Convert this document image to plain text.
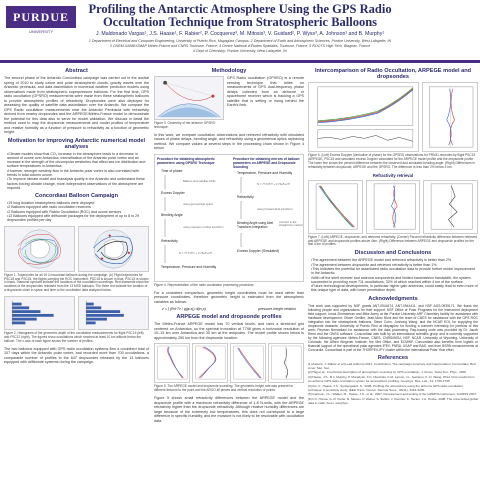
PURDUE
UNIVERSITY
Profiling the Antarctic Atmosphere Using the GPS Radio Occultation Technique from Stratospheric Balloons
J. Maldonado Vargas¹, J.S. Haase¹, F. Rabier², P. Cocquerez³, M. Mitosis³, V. Guidard², P. Wyss³, A. Johnson¹ and B. Murphy¹
1 Department of Electrical and Computer Engineering, University of Puerto Rico, Mayagüez Campus; 2 Department of Earth and Atmospheric Sciences, Purdue University, West Lafayette, IN
3 CNRM-GAME/GMAP Météo-France and CNRS Toulouse, France; 4 Centre National d'Études Spatiales, Toulouse, France; 5 ROOTS High Tech, Blagnac, France
6 Dept of Chemistry; Purdue University, West Lafayette, IN
Abstract
The second phase of the Antarctic Concordiasi campaign was carried out in the austral spring of 2010 to study ozone and polar stratospheric clouds, gravity waves over the Antarctic peninsula, and data assimilation in numerical weather prediction models using observations made from stratospheric superpressure balloons. For the first time, GPS radio occultation (GPSRO) measurements were made from these stratospheric balloons to provide atmospheric profiles of refractivity. Dropsondes were also deployed for assessing the quality of satellite data assimilation over the Antarctic. We compare the GPS Radio occultation measurements near the Antarctic Peninsula with refractivity derived from nearby dropsondes and the ARPEGE/Météo-France model to demonstrate the potential for this data also to serve for model validation. We discuss in detail the method used to map the dropsonde measurements and model profiles of temperature and relative humidity as a function of pressure to refractivity as a function of geometric height.
Motivation for improving Antarctic numerical model analyses
• Climate models show that CO₂ increase in the atmosphere leads to a decrease in amount of ozone over Antarctica, intensification of the Antarctic polar vortex and an increase in the strength of the circumpolar westerlies that affect sea ice distribution and surface temperatures in Antarctica.
• However, stronger westerly flow in the Antarctic polar vortex is also correlated with trends in total column ozone.
• To improve climate model and reanalysis quality in the Antarctic and understand these factors forcing climate change, more independent observations of the atmosphere are required.
Concordiasi Balloon Campaign
• 19 long duration stratospheric balloons were deployed
• 2 Balloons equipped with radio occultation receivers
• 2 Balloons equipped with Rakbo Occultation (ROC) and ozone sensors
• 13 Balloons equipped with driftsonde packages for the deployment of up to 8 to 29 dropsondes profiles per day
Figure 1. Trajectories for all 19 Concordiasi balloons during the campaign. (b) Flight trajectories for PSC18 and PSC15, the flights carrying the ROC instrument. PSC18 is shown in blue. PSC15 is shown in black. Diamond symbols indicate the locations of the occultation soundings. Red diamonds show the locations of the dropsondes released from the 13 MSD balloons. The three red indicate the location of a dropsonde close in space and time to the occultation data analyzed below.
Figure 2. Histograms of the geometric depth of the occultation measurements for flight PSC15 (left) and PSC12 (right). The figures show occultations which reached at least 10 km altitude below the balloon. The x-axis of each figure shows the number of profiles.
The two balloons equipped with GPS radio occultation systems flew a combined total of 107 days within the Antarctic polar vortex, and recorded more than 700 occultations, a comparable number of profiles to the 647 dropsondes released by the 13 balloons equipped with driftsonde systems during the campaign.
Methodology
Figure 3. Geometry of the airborne GPSRO technique.
GPS Radio occultation (GPSRO) is a remote sensing technique that relies on measurements of GPS dual-frequency phase delays collected from an airborne or spaceborne receiver which is tracking a GPS satellite that is setting or rising behind the Earth's limb.
In this work, we compare occultation observations and retrieved refractivity with simulated values of phase delays, bending angle, and refractivity using a geometrical optics raytracing method. We compare values at several steps in the processing chain shown in Figure 4 below.
Procedure for obtaining atmospheric parameters using GPSRO Technique
Procedure for obtaining mirrors of balloon parameters on ARPEGE and Dropsonde Sounding
Time of phase
Excess Doppler
Bending Angle
Refractivity
Temperature, Pressure and Humidity
Balloon and satellite orbits
using geometrical optics
using inversion of Abel transform
N = 77.6 P/T + 3.73e5 e/T²
Temperature, Pressure and Humidity
Refractivity
Bending Angle using Abel Transform Integration
Excess Doppler (Simulated)
N = 77.6 P/T + 3.73e5 e/T²
using forward Abel transform
Connect to the straight line method
Figure 4. Representation of the radio occultation processing procedure.
For a consistent comparison, geometric height coordinates must be used rather than pressure coordinates, therefore geometric height is estimated from the atmospheric variables as follows:
z = ∫ (Rd·Tv / g(φ,z)) d(ln p)	pressure-height relation
ARPEGE model and dropsonde profiles
The Météo-France ARPEGE model has 70 vertical levels, and uses a stretched grid centered on Antarctica, so the spectral truncation at T798 gives a horizontal resolution of 10–15 km over Antarctica and 30 km at the antipodes. The model profile shown below is approximately 250 km from the dropsonde location.
Figure 5. The ARPEGE model and dropsonde sounding. The geometric height rate was present for different descent to the point and the ARGO all pieces and vertical resolution of points.
Figure 5 shows small refractivity differences between the ARPEGE model and the dropsonde profile with a maximum refractivity difference of 1.8 N-units, with the ARPEGE refractivity higher than the dropsonde refractivity. Although relative humidity differences are large because of the extremely low temperatures, this does not correspond to a large difference in specific humidity, and the moisture is not likely to be resolvable with occultation data.
Intercomparison of Radio Occultation, ARPEGE model and dropsondes
Figure 6. (Left) Excess Doppler (derivative of phase) for the GPSRO observations for PRN31 recorded by flight PSC15 (ARPEGE, PSC15 and simulated excess Doppler calculated for the ARPEGE model profile and the dropsonde profile. The lower line shows the percent difference between the observed and simulated bending angle. (Right) Differences in refractivity between dropsonde, ARPEGE and the GPSRO. The difference is less than 2% below 5 km.
Refractivity retrieval
Figure 7. (Left) ARPEGE, dropsonde, and retrieved refractivity. (Center) Percent refractivity difference between retrieved and ARPEGE and dropsonde profiles above 4km. (Right) Difference between ARPEGE and dropsonde profiles for the first 4 km of profiles.
Discussion and Conclusions
• The agreement between the ARPEGE model and retrieved refractivity is better than 2%.
• The agreement between dropsonde and retrieved refractivity is better than 1%.
• This indicates the potential for assimilated radio occultation data to provide further model improvement in the Antarctic.
• With off the shelf receiver and antenna components and limited transmission bandwidth, the system succeeded in providing more 711 occultations, 32% of which reached within 4 km of the surface.
• Future technological developments, in particular higher gain antennas, could easily lead to even more of this unique type of data, with lower penetration depth.
Acknowledgments
This work was supported by NSF grants ANT-0944474, ANT-0944411, and NSF AGS-0939171. We thank the following people and organizations for their support: NSF Office of Polar Programs for the instrument deployment field support; Ionos Zimmerman and Mike Avery at the Purdue University ARF Chemistry facility for assistance with hardware development; Olivier Grellier, Jean-Marc Nicot and the team of CNES for assistance with the GPS ROC integration into the stratospheric balloons; Steve Cohn, Junhong Wang, and the NCAR EOL for supplying the dropsonde datasets; University of Puerto Rico at Mayagüez for funding a summer internship for portions of this work; Peyman Nemarkani for assistance with the data processing. Ray-tracing code was provided by Dr. Jacob Reed and the GNSS software. Concordiasi was built by an international scientific group and is currently supported by the following agencies: Météo-France, CNES, CNRS/INSU, NSF, NCAR, University of Wyoming, University of Colorado, the Alfred Wegener Institute, the Met Office, and ECMWF. Concordiasi also benefits from logistic or financial support of the operational polar agencies IPEV, PNRA, USAP and BAS, and from BSRN measurements at Concordia. Concordiasi is part of the THORPEX-IPY cluster within the International Polar Year effort.
References
[1] Zatreck, J. Rabier et al (Lead Authors) 2011. Contribution, The campaign summary and Interpretation: Concordiasi, Bull. Amer. Met. Soc.
[2] Hajj et al., A technical description of atmospheric sounding by GPS occultation, J. Atmos. Solar-Terr. Phys., 2002
[3] Haase, J.S., B.J. Murphy, P. Muradyan, F.G. Nievinski, K.M. Larson, J.L. Garrison, K.-N. Wang, 2014. First results from an airborne GPS radio occultation system for atmospheric profiling, Geophys. Res. Lett., 41, 1759-1765
[4] Xie, F., Haase, J.S., Syndergaard, S., 2008. Profiling the atmosphere using the airborne GPS radio occultation technique: A sensitivity study. IEEE Trans. Geosci. Remote Sens., 46(11), 3424-3435.
[5] Garrison, J.L., Walker, M., Haase, J.S., et al., 2007, Development and testing of the GISMOS instrument, IGARSS 2007.
[6] C.F. Honsa, G. R. Kiefer, R. Mewes, P. Weber, S. Seifert, J. Kienzler, K. Herten, J.A. Hocke, 2008. The unrecorded global data in nadir, Amer. Geophys.
